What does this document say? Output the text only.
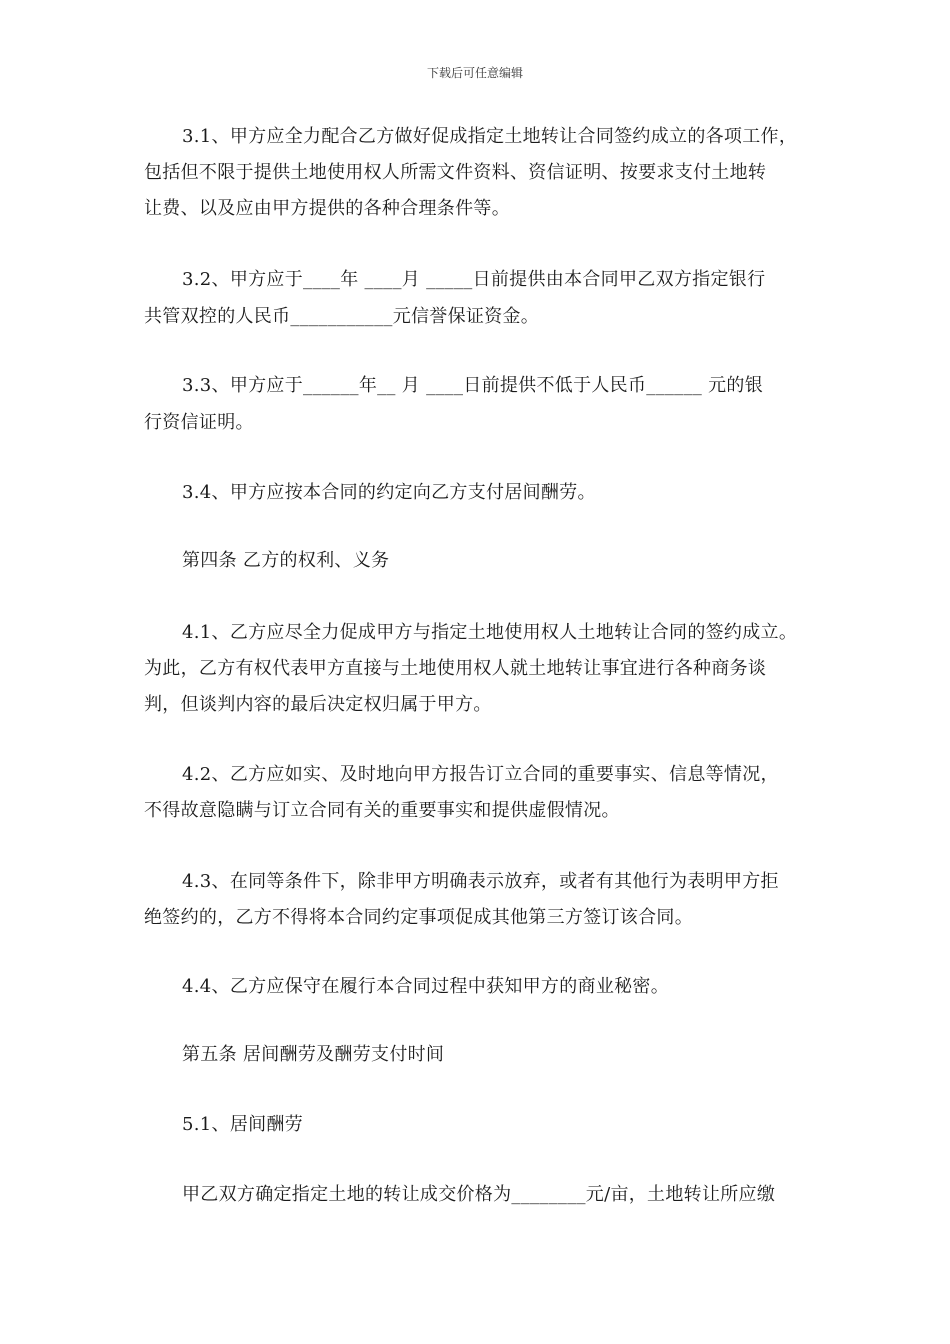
下载后可任意编辑
3.1、甲方应全力配合乙方做好促成指定土地转让合同签约成立的各项工作，
包括但不限于提供土地使用权人所需文件资料、资信证明、按要求支付土地转
让费、以及应由甲方提供的各种合理条件等。
3.2、甲方应于____年 ____月 _____日前提供由本合同甲乙双方指定银行
共管双控的人民币___________元信誉保证资金。
3.3、甲方应于______年__ 月 ____日前提供不低于人民币______ 元的银
行资信证明。
3.4、甲方应按本合同的约定向乙方支付居间酬劳。
第四条 乙方的权利、义务
4.1、乙方应尽全力促成甲方与指定土地使用权人土地转让合同的签约成立。
为此，乙方有权代表甲方直接与土地使用权人就土地转让事宜进行各种商务谈
判，但谈判内容的最后决定权归属于甲方。
4.2、乙方应如实、及时地向甲方报告订立合同的重要事实、信息等情况，
不得故意隐瞒与订立合同有关的重要事实和提供虚假情况。
4.3、在同等条件下，除非甲方明确表示放弃，或者有其他行为表明甲方拒
绝签约的，乙方不得将本合同约定事项促成其他第三方签订该合同。
4.4、乙方应保守在履行本合同过程中获知甲方的商业秘密。
第五条 居间酬劳及酬劳支付时间
5.1、居间酬劳
甲乙双方确定指定土地的转让成交价格为________元/亩，土地转让所应缴
